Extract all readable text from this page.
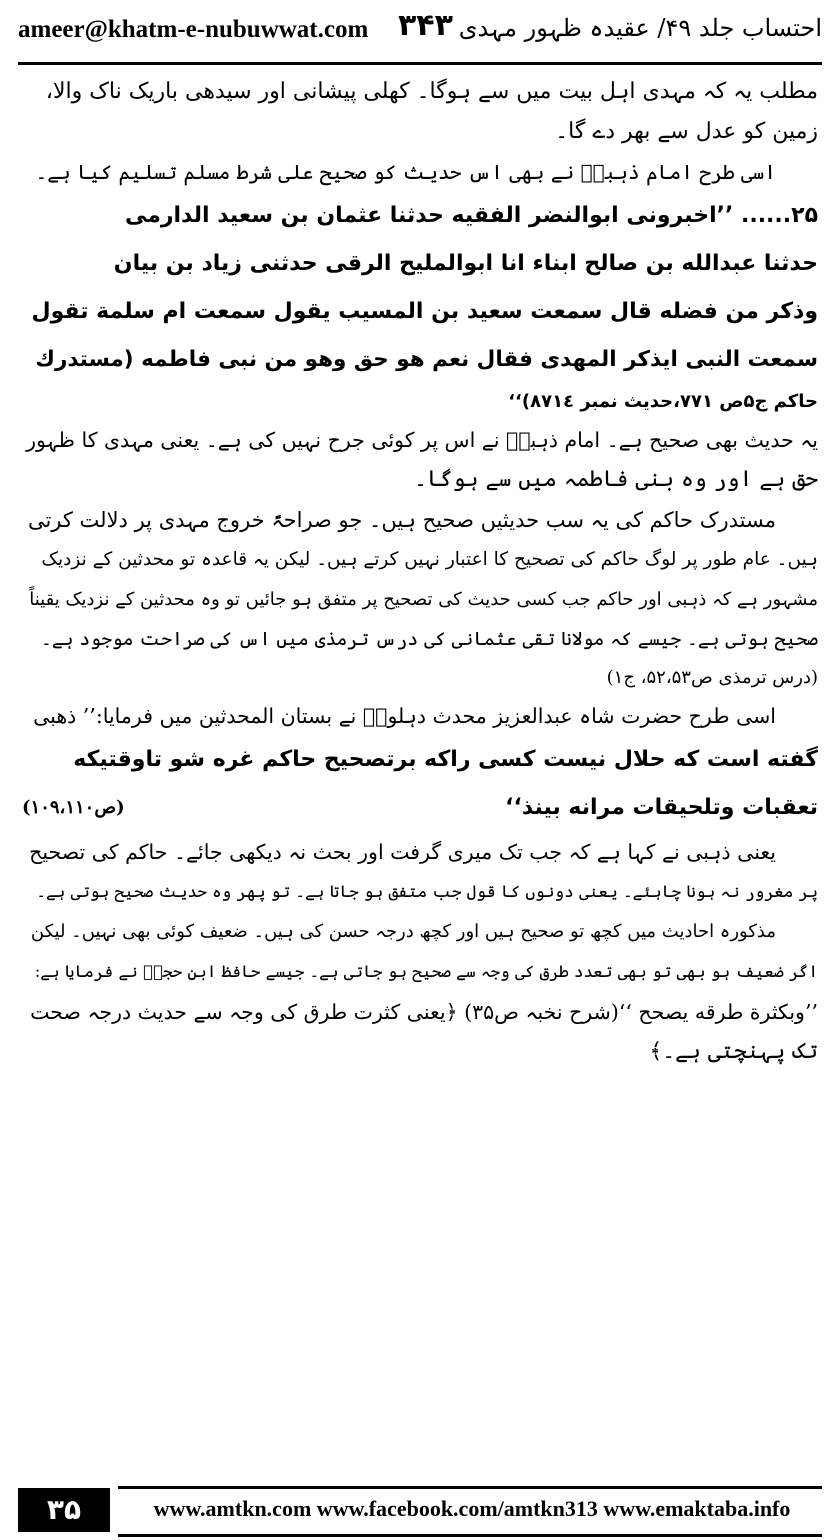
ameer@khatm-e-nubuwwat.com ۳۴۳ احتساب جلد ۴۹/ عقیدہ ظہور مہدی
مطلب یہ کہ مہدی اہل بیت میں سے ہوگا۔ کھلی پیشانی اور سیدھی باریک ناک والا،
زمین کو عدل سے بھر دے گا۔
اسی طرح امام ذہبیؒ نے بھی اس حدیث کو صحیح علی شرط مسلم تسلیم کیا ہے۔
۲۵...... ’’اخبرونی ابوالنضر الفقیه حدثنا عثمان بن سعید الدارمی
حدثنا عبدالله بن صالح ابناء انا ابوالملیح الرقی حدثنی زیاد بن بیان
وذکر من فضله قال سمعت سعید بن المسیب یقول سمعت ام سلمة تقول
سمعت النبی ایذکر المهدی فقال نعم هو حق وهو من نبی فاطمه (مستدرك
حاکم ج۵ص ۷۷۱،حدیث نمبر ۸۷۱٤)‘‘
یہ حدیث بھی صحیح ہے۔ امام ذہبیؒ نے اس پر کوئی جرح نہیں کی ہے۔ یعنی مہدی کا ظہور
حق ہے اور وہ بنی فاطمہ میں سے ہوگا۔
مستدرک حاکم کی یہ سب حدیثیں صحیح ہیں۔ جو صراحۃً خروج مہدی پر دلالت کرتی
ہیں۔ عام طور پر لوگ حاکم کی تصحیح کا اعتبار نہیں کرتے ہیں۔ لیکن یہ قاعدہ تو محدثین کے نزدیک
مشہور ہے کہ ذہبی اور حاکم جب کسی حدیث کی تصحیح پر متفق ہو جائیں تو وہ محدثین کے نزدیک یقیناً
صحیح ہوتی ہے۔ جیسے کہ مولانا تقی عثمانی کی درس ترمذی میں اس کی صراحت موجود ہے۔
(درس ترمذی ص۵۲،۵۳، ج۱)
اسی طرح حضرت شاہ عبدالعزیز محدث دہلویؒ نے بستان المحدثین میں فرمایا:’’ ذهبی
گفته است که حلال نیست کسی راکه برتصحیح حاکم غره شو تاوقتیکه
تعقبات وتلحیقات مرانه بینذ‘‘
(ص۱۰۹،۱۱۰)
یعنی ذہبی نے کہا ہے کہ جب تک میری گرفت اور بحث نہ دیکھی جائے۔ حاکم کی تصحیح
پر مغرور نہ ہونا چاہئے۔ یعنی دونوں کا قول جب متفق ہو جاتا ہے۔ تو پھر وہ حدیث صحیح ہوتی ہے۔
مذکورہ احادیث میں کچھ تو صحیح ہیں اور کچھ درجہ حسن کی ہیں۔ ضعیف کوئی بھی نہیں۔ لیکن
اگر ضعیف ہو بھی تو بھی تعدد طرق کی وجہ سے صحیح ہو جاتی ہے۔ جیسے حافظ ابن حجرؒ نے فرمایا ہے:
’’وبکثرة طرقه یصحح ‘‘(شرح نخبہ ص۳۵) ﴿یعنی کثرت طرق کی وجہ سے حدیث درجہ صحت
تک پہنچتی ہے۔﴾
۳۵	www.amtkn.com www.facebook.com/amtkn313 www.emaktaba.info
